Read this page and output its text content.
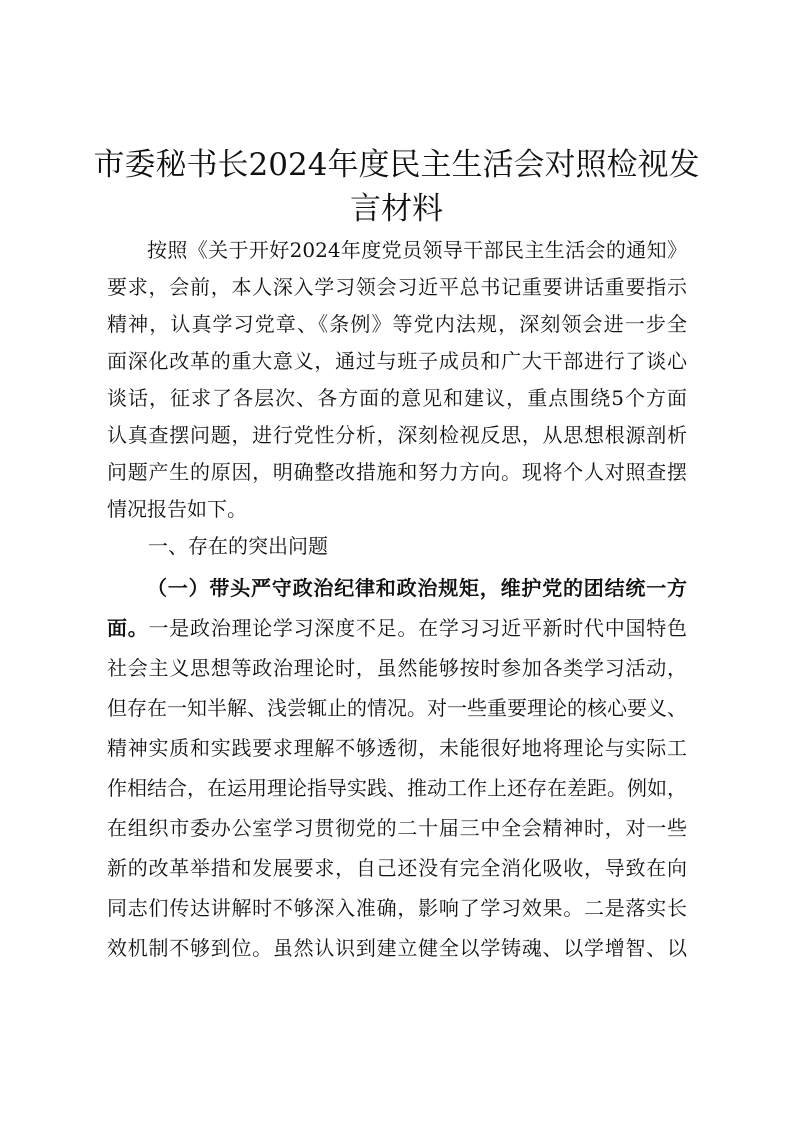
市委秘书长2024年度民主生活会对照检视发
言材料
按照《关于开好2024年度党员领导干部民主生活会的通知》
要求，会前，本人深入学习领会习近平总书记重要讲话重要指示
精神，认真学习党章、《条例》等党内法规，深刻领会进一步全
面深化改革的重大意义，通过与班子成员和广大干部进行了谈心
谈话，征求了各层次、各方面的意见和建议，重点围绕5个方面
认真查摆问题，进行党性分析，深刻检视反思，从思想根源剖析
问题产生的原因，明确整改措施和努力方向。现将个人对照查摆
情况报告如下。
一、存在的突出问题
（一）带头严守政治纪律和政治规矩，维护党的团结统一方
面。一是政治理论学习深度不足。在学习习近平新时代中国特色
社会主义思想等政治理论时，虽然能够按时参加各类学习活动，
但存在一知半解、浅尝辄止的情况。对一些重要理论的核心要义、
精神实质和实践要求理解不够透彻，未能很好地将理论与实际工
作相结合，在运用理论指导实践、推动工作上还存在差距。例如，
在组织市委办公室学习贯彻党的二十届三中全会精神时，对一些
新的改革举措和发展要求，自己还没有完全消化吸收，导致在向
同志们传达讲解时不够深入准确，影响了学习效果。二是落实长
效机制不够到位。虽然认识到建立健全以学铸魂、以学增智、以
